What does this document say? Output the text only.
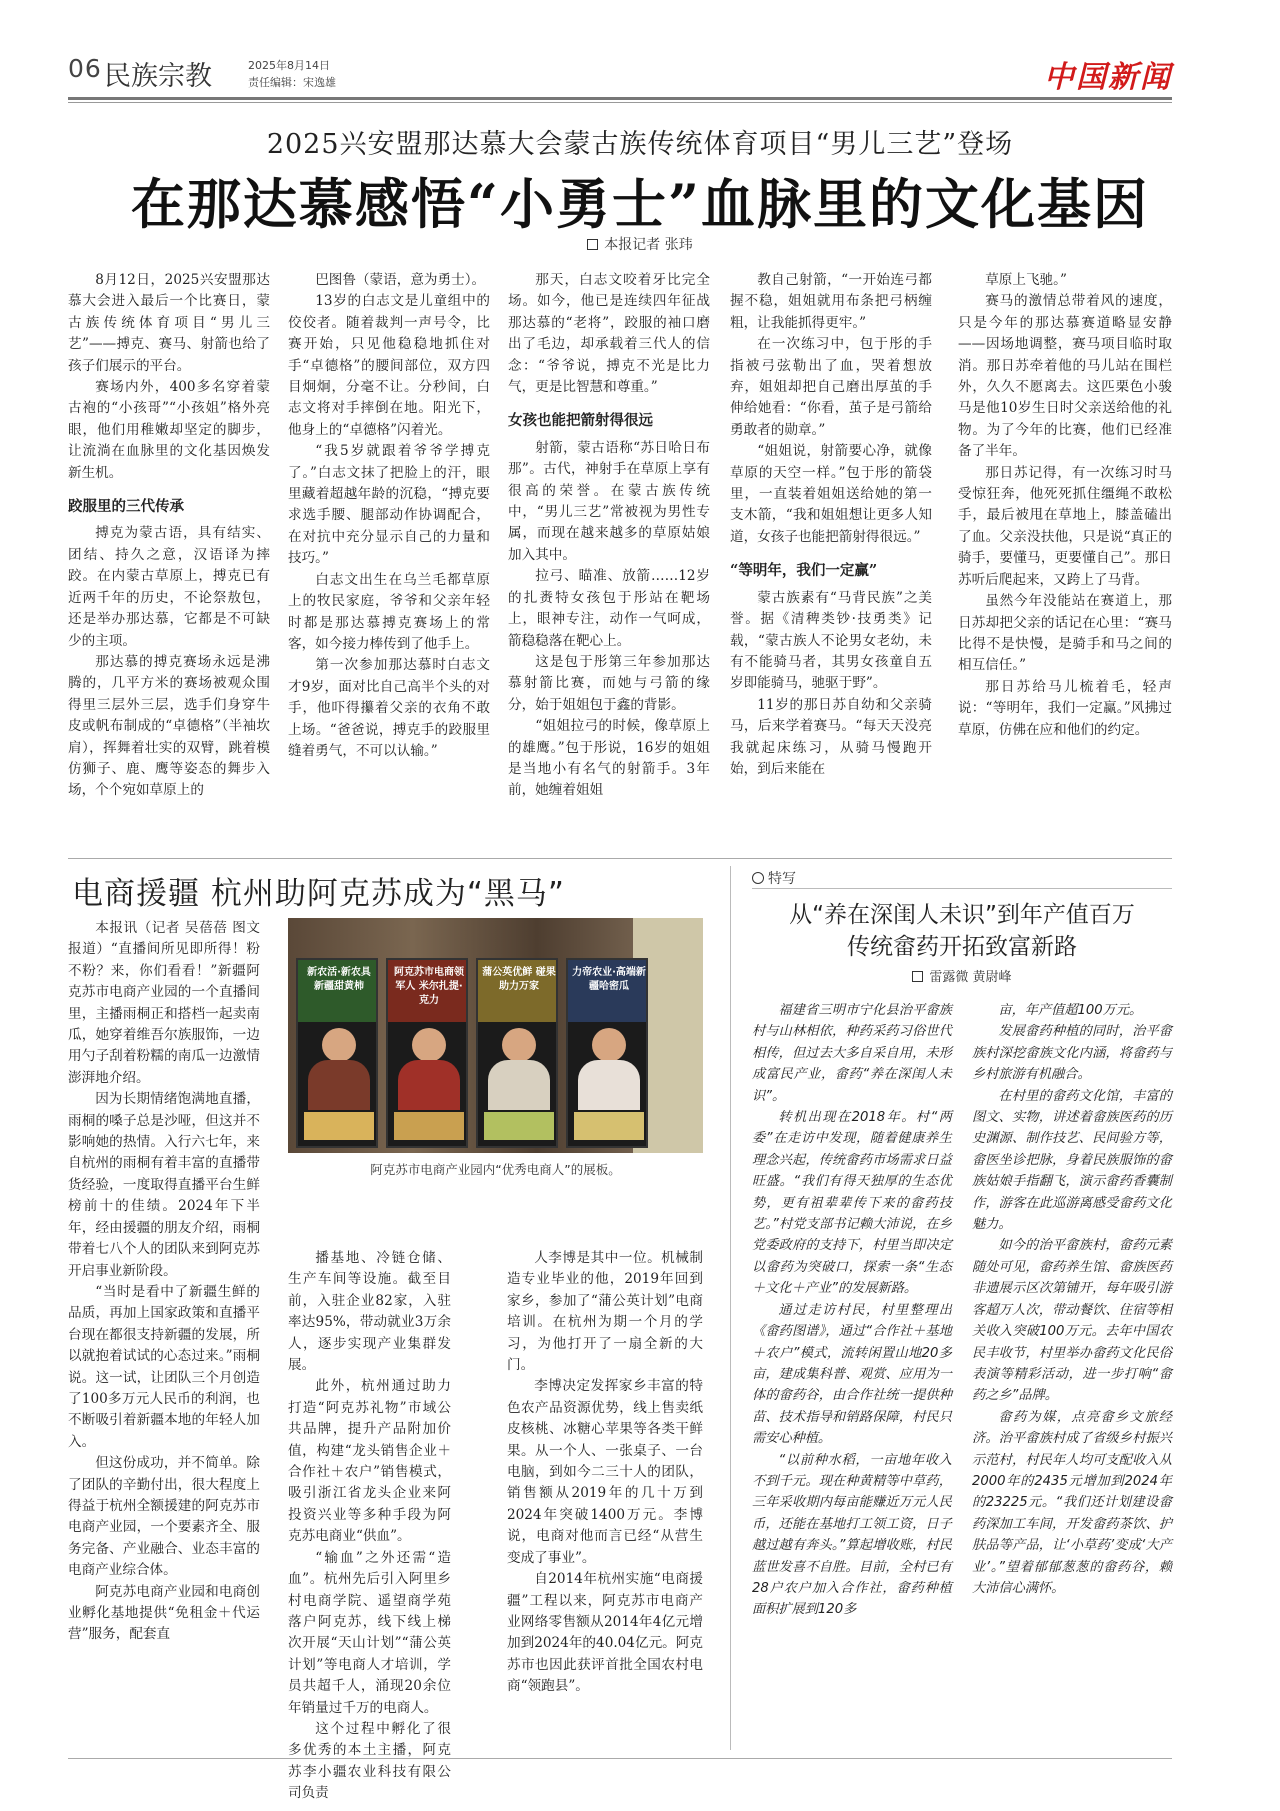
06 民族宗教	2025年8月14日
责任编辑：宋逸雄	中国新闻
2025兴安盟那达慕大会蒙古族传统体育项目“男儿三艺”登场
在那达慕感悟“小勇士”血脉里的文化基因
本报记者 张玮

8月12日，2025兴安盟那达慕大会进入最后一个比赛日，蒙古族传统体育项目“男儿三艺”——搏克、赛马、射箭也给了孩子们展示的平台。

赛场内外，400多名穿着蒙古袍的“小孩哥”“小孩姐”格外亮眼，他们用稚嫩却坚定的脚步，让流淌在血脉里的文化基因焕发新生机。

跤服里的三代传承

搏克为蒙古语，具有结实、团结、持久之意，汉语译为摔跤。在内蒙古草原上，搏克已有近两千年的历史，不论祭敖包，还是举办那达慕，它都是不可缺少的主项。

那达慕的搏克赛场永远是沸腾的，几平方米的赛场被观众围得里三层外三层，选手们身穿牛皮或帆布制成的“卓德格”（半袖坎肩），挥舞着壮实的双臂，跳着模仿狮子、鹿、鹰等姿态的舞步入场，个个宛如草原上的

巴图鲁（蒙语，意为勇士）。

13岁的白志文是儿童组中的佼佼者。随着裁判一声号令，比赛开始，只见他稳稳地抓住对手“卓德格”的腰间部位，双方四目炯炯，分毫不让。分秒间，白志文将对手摔倒在地。阳光下，他身上的“卓德格”闪着光。

“我5岁就跟着爷爷学搏克了。”白志文抹了把脸上的汗，眼里藏着超越年龄的沉稳，“搏克要求选手腰、腿部动作协调配合，在对抗中充分显示自己的力量和技巧。”

白志文出生在乌兰毛都草原上的牧民家庭，爷爷和父亲年轻时都是那达慕搏克赛场上的常客，如今接力棒传到了他手上。

第一次参加那达慕时白志文才9岁，面对比自己高半个头的对手，他吓得攥着父亲的衣角不敢上场。“爸爸说，搏克手的跤服里缝着勇气，不可以认输。”

那天，白志文咬着牙比完全场。如今，他已是连续四年征战那达慕的“老将”，跤服的袖口磨出了毛边，却承载着三代人的信念：“爷爷说，搏克不光是比力气，更是比智慧和尊重。”

女孩也能把箭射得很远

射箭，蒙古语称“苏日哈日布那”。古代，神射手在草原上享有很高的荣誉。在蒙古族传统中，“男儿三艺”常被视为男性专属，而现在越来越多的草原姑娘加入其中。

拉弓、瞄准、放箭……12岁的扎赉特女孩包于彤站在靶场上，眼神专注，动作一气呵成，箭稳稳落在靶心上。

这是包于彤第三年参加那达慕射箭比赛，而她与弓箭的缘分，始于姐姐包于鑫的背影。

“姐姐拉弓的时候，像草原上的雄鹰。”包于彤说，16岁的姐姐是当地小有名气的射箭手。3年前，她缠着姐姐

教自己射箭，“一开始连弓都握不稳，姐姐就用布条把弓柄缠粗，让我能抓得更牢。”

在一次练习中，包于彤的手指被弓弦勒出了血，哭着想放弃，姐姐却把自己磨出厚茧的手伸给她看：“你看，茧子是弓箭给勇敢者的勋章。”

“姐姐说，射箭要心净，就像草原的天空一样。”包于彤的箭袋里，一直装着姐姐送给她的第一支木箭，“我和姐姐想让更多人知道，女孩子也能把箭射得很远。”

“等明年，我们一定赢”

蒙古族素有“马背民族”之美誉。据《清稗类钞·技勇类》记载，“蒙古族人不论男女老幼，未有不能骑马者，其男女孩童自五岁即能骑马，驰驱于野”。

11岁的那日苏自幼和父亲骑马，后来学着赛马。“每天天没亮我就起床练习，从骑马慢跑开始，到后来能在

草原上飞驰。”

赛马的激情总带着风的速度，只是今年的那达慕赛道略显安静——因场地调整，赛马项目临时取消。那日苏牵着他的马儿站在围栏外，久久不愿离去。这匹栗色小骏马是他10岁生日时父亲送给他的礼物。为了今年的比赛，他们已经准备了半年。

那日苏记得，有一次练习时马受惊狂奔，他死死抓住缰绳不敢松手，最后被甩在草地上，膝盖磕出了血。父亲没扶他，只是说“真正的骑手，要懂马，更要懂自己”。那日苏听后爬起来，又跨上了马背。

虽然今年没能站在赛道上，那日苏却把父亲的话记在心里：“赛马比得不是快慢，是骑手和马之间的相互信任。”

那日苏给马儿梳着毛，轻声说：“等明年，我们一定赢。”风拂过草原，仿佛在应和他们的约定。

电商援疆 杭州助阿克苏成为“黑马”

本报讯（记者 吴蓓蓓 图文报道）“直播间所见即所得！粉不粉？来，你们看看！”新疆阿克苏市电商产业园的一个直播间里，主播雨桐正和搭档一起卖南瓜，她穿着维吾尔族服饰，一边用勺子刮着粉糯的南瓜一边激情澎湃地介绍。

因为长期情绪饱满地直播，雨桐的嗓子总是沙哑，但这并不影响她的热情。入行六七年，来自杭州的雨桐有着丰富的直播带货经验，一度取得直播平台生鲜榜前十的佳绩。2024年下半年，经由援疆的朋友介绍，雨桐带着七八个人的团队来到阿克苏开启事业新阶段。

“当时是看中了新疆生鲜的品质，再加上国家政策和直播平台现在都很支持新疆的发展，所以就抱着试试的心态过来。”雨桐说。这一试，让团队三个月创造了100多万元人民币的利润，也不断吸引着新疆本地的年轻人加入。

但这份成功，并不简单。除了团队的辛勤付出，很大程度上得益于杭州全额援建的阿克苏市电商产业园，一个要素齐全、服务完备、产业融合、业态丰富的电商产业综合体。

阿克苏电商产业园和电商创业孵化基地提供“免租金＋代运营”服务，配套直

新农活·新农具 新疆甜黄柿
阿克苏市电商领军人 米尔扎提·克力
蒲公英优鲜 碰果助力万家
力帝农业·高端新疆哈密瓜
阿克苏市电商产业园内“优秀电商人”的展板。

播基地、冷链仓储、生产车间等设施。截至目前，入驻企业82家，入驻率达95%，带动就业3万余人，逐步实现产业集群发展。

此外，杭州通过助力打造“阿克苏礼物”市域公共品牌，提升产品附加价值，构建“龙头销售企业＋合作社＋农户”销售模式，吸引浙江省龙头企业来阿投资兴业等多种手段为阿克苏电商业“供血”。

“输血”之外还需“造血”。杭州先后引入阿里乡村电商学院、遥望商学苑落户阿克苏，线下线上梯次开展“天山计划”“蒲公英计划”等电商人才培训，学员共超千人，涌现20余位年销量过千万的电商人。

这个过程中孵化了很多优秀的本土主播，阿克苏李小疆农业科技有限公司负责

人李博是其中一位。机械制造专业毕业的他，2019年回到家乡，参加了“蒲公英计划”电商培训。在杭州为期一个月的学习，为他打开了一扇全新的大门。

李博决定发挥家乡丰富的特色农产品资源优势，线上售卖纸皮核桃、冰糖心苹果等各类干鲜果。从一个人、一张桌子、一台电脑，到如今二三十人的团队，销售额从2019年的几十万到2024年突破1400万元。李博说，电商对他而言已经“从营生变成了事业”。

自2014年杭州实施“电商援疆”工程以来，阿克苏市电商产业网络零售额从2014年4亿元增加到2024年的40.04亿元。阿克苏市也因此获评首批全国农村电商“领跑县”。

特写
从“养在深闺人未识”到年产值百万
传统畲药开拓致富新路
雷露微 黄尉峰

福建省三明市宁化县治平畲族村与山林相依，种药采药习俗世代相传，但过去大多自采自用，未形成富民产业，畲药“养在深闺人未识”。

转机出现在2018年。村“两委”在走访中发现，随着健康养生理念兴起，传统畲药市场需求日益旺盛。“我们有得天独厚的生态优势，更有祖辈辈传下来的畲药技艺。”村党支部书记赖大沛说，在乡党委政府的支持下，村里当即决定以畲药为突破口，探索一条“生态＋文化＋产业”的发展新路。

通过走访村民，村里整理出《畲药图谱》，通过“合作社＋基地＋农户”模式，流转闲置山地20多亩，建成集科普、观赏、应用为一体的畲药谷，由合作社统一提供种苗、技术指导和销路保障，村民只需安心种植。

“以前种水稻，一亩地年收入不到千元。现在种黄精等中草药，三年采收期内每亩能赚近万元人民币，还能在基地打工领工资，日子越过越有奔头。”算起增收账，村民蓝世发喜不自胜。目前，全村已有28户农户加入合作社，畲药种植面积扩展到120多

亩，年产值超100万元。

发展畲药种植的同时，治平畲族村深挖畲族文化内涵，将畲药与乡村旅游有机融合。

在村里的畲药文化馆，丰富的图文、实物，讲述着畲族医药的历史渊源、制作技艺、民间验方等，畲医坐诊把脉，身着民族服饰的畲族姑娘手指翻飞，演示畲药香囊制作，游客在此巡游离感受畲药文化魅力。

如今的治平畲族村，畲药元素随处可见，畲药养生馆、畲族医药非遗展示区次第铺开，每年吸引游客超万人次，带动餐饮、住宿等相关收入突破100万元。去年中国农民丰收节，村里举办畲药文化民俗表演等精彩活动，进一步打响“畲药之乡”品牌。

畲药为媒，点亮畲乡文旅经济。治平畲族村成了省级乡村振兴示范村，村民年人均可支配收入从2000年的2435元增加到2024年的23225元。“我们还计划建设畲药深加工车间，开发畲药茶饮、护肤品等产品，让‘小草药’变成‘大产业’。”望着郁郁葱葱的畲药谷，赖大沛信心满怀。
